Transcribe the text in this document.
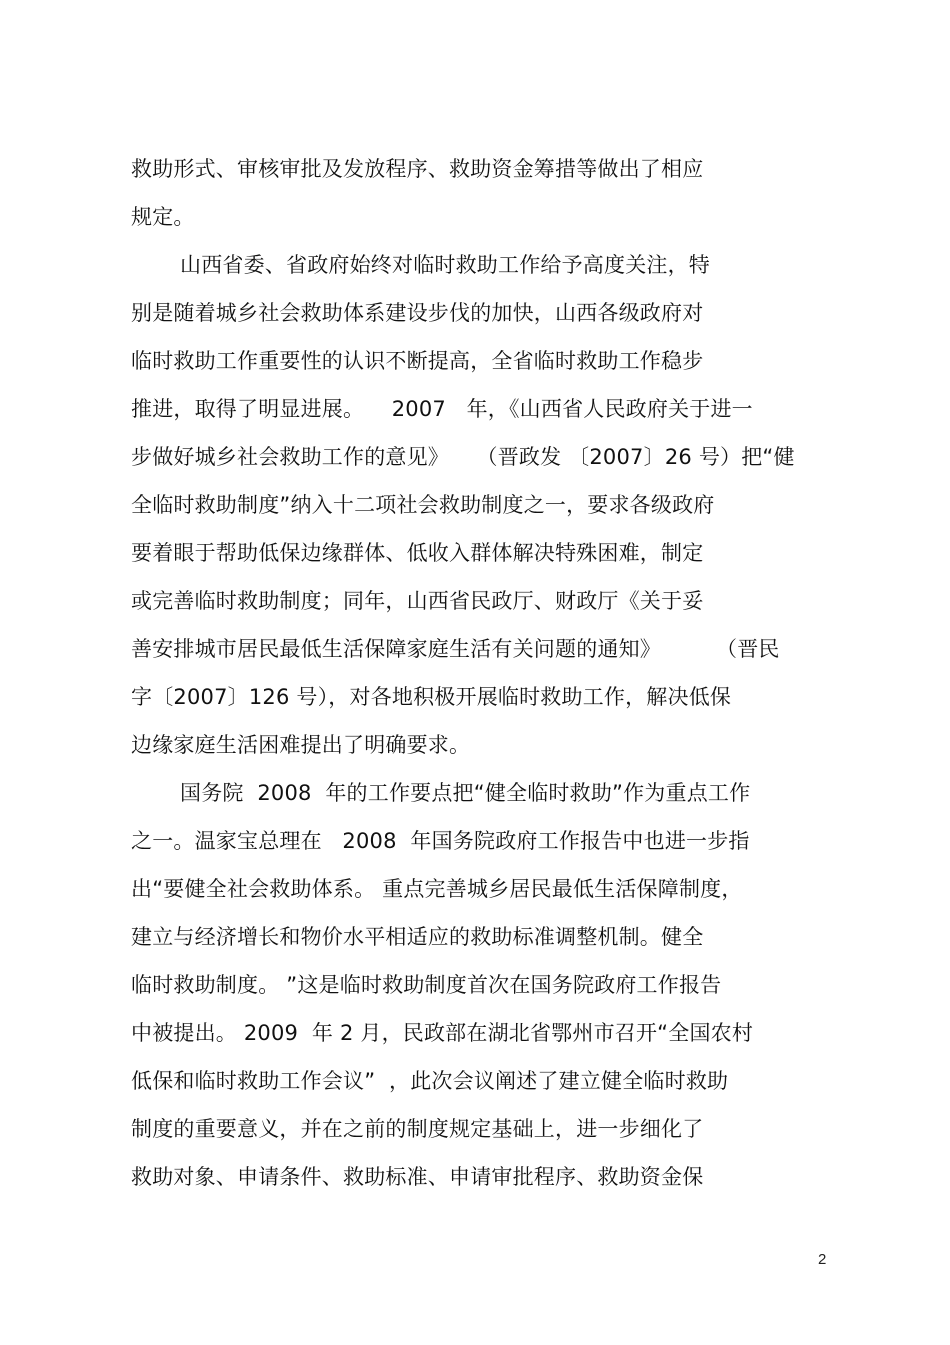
救助形式、审核审批及发放程序、救助资金筹措等做出了相应
规定。
山西省委、省政府始终对临时救助工作给予高度关注，特
别是随着城乡社会救助体系建设步伐的加快，山西各级政府对
临时救助工作重要性的认识不断提高，全省临时救助工作稳步
推进，取得了明显进展。    2007   年，《山西省人民政府关于进一
步做好城乡社会救助工作的意见》    （晋政发 〔2007〕26 号）把“健
全临时救助制度”纳入十二项社会救助制度之一，要求各级政府
要着眼于帮助低保边缘群体、低收入群体解决特殊困难，制定
或完善临时救助制度；同年，山西省民政厅、财政厅《关于妥
善安排城市居民最低生活保障家庭生活有关问题的通知》        （晋民
字〔2007〕126 号），对各地积极开展临时救助工作，解决低保
边缘家庭生活困难提出了明确要求。
国务院  2008  年的工作要点把“健全临时救助”作为重点工作
之一。温家宝总理在   2008  年国务院政府工作报告中也进一步指
出“要健全社会救助体系。 重点完善城乡居民最低生活保障制度，
建立与经济增长和物价水平相适应的救助标准调整机制。健全
临时救助制度。 ”这是临时救助制度首次在国务院政府工作报告
中被提出。 2009  年 2 月，民政部在湖北省鄂州市召开“全国农村
低保和临时救助工作会议”  ，此次会议阐述了建立健全临时救助
制度的重要意义，并在之前的制度规定基础上，进一步细化了
救助对象、申请条件、救助标准、申请审批程序、救助资金保
2
